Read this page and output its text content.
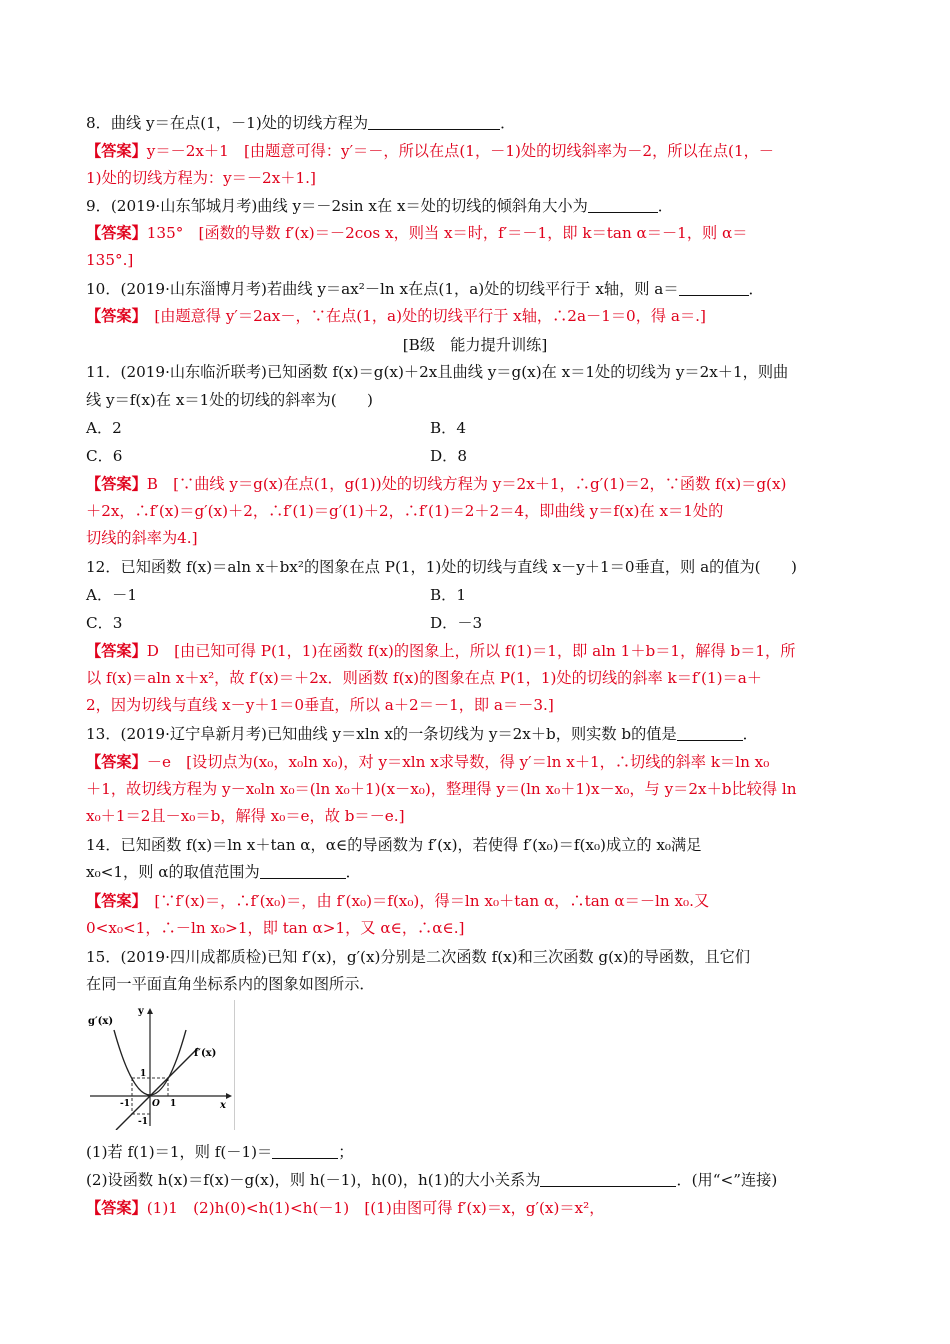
8．曲线 y＝在点(1，－1)处的切线方程为	．
【答案】y＝－2x＋1　[由题意可得：y′＝－，所以在点(1，－1)处的切线斜率为－2，所以在点(1，－
1)处的切线方程为：y＝－2x＋1.]
9．(2019·山东邹城月考)曲线 y＝－2sin x在 x＝处的切线的倾斜角大小为	．
【答案】135°　[函数的导数 f′(x)＝－2cos x，则当 x＝时，f′＝－1，即 k＝tan α＝－1，则 α＝
135°.]
10．(2019·山东淄博月考)若曲线 y＝ax²－ln x在点(1，a)处的切线平行于 x轴，则 a＝	．
【答案】　[由题意得 y′＝2ax－，∵在点(1，a)处的切线平行于 x轴，∴2a－1＝0，得 a＝.]
[B级　能力提升训练]
11．(2019·山东临沂联考)已知函数 f(x)＝g(x)＋2x且曲线 y＝g(x)在 x＝1处的切线为 y＝2x＋1，则曲
线 y＝f(x)在 x＝1处的切线的斜率为(　　)
A．2	B．4
C．6	D．8
【答案】B　[∵曲线 y＝g(x)在点(1，g(1))处的切线方程为 y＝2x＋1，∴g′(1)＝2，∵函数 f(x)＝g(x)
＋2x，∴f′(x)＝g′(x)＋2，∴f′(1)＝g′(1)＋2，∴f′(1)＝2＋2＝4，即曲线 y＝f(x)在 x＝1处的
切线的斜率为4.]
12．已知函数 f(x)＝aln x＋bx²的图象在点 P(1，1)处的切线与直线 x－y＋1＝0垂直，则 a的值为(　　)
A．－1	B．1
C．3	D．－3
【答案】D　[由已知可得 P(1，1)在函数 f(x)的图象上，所以 f(1)＝1，即 aln 1＋b＝1，解得 b＝1，所
以 f(x)＝aln x＋x²，故 f′(x)＝＋2x．则函数 f(x)的图象在点 P(1，1)处的切线的斜率 k＝f′(1)＝a＋
2，因为切线与直线 x－y＋1＝0垂直，所以 a＋2＝－1，即 a＝－3.]
13．(2019·辽宁阜新月考)已知曲线 y＝xln x的一条切线为 y＝2x＋b，则实数 b的值是	．
【答案】－e　[设切点为(x₀，x₀ln x₀)，对 y＝xln x求导数，得 y′＝ln x＋1，∴切线的斜率 k＝ln x₀
＋1，故切线方程为 y－x₀ln x₀＝(ln x₀＋1)(x－x₀)，整理得 y＝(ln x₀＋1)x－x₀，与 y＝2x＋b比较得 ln
x₀＋1＝2且－x₀＝b，解得 x₀＝e，故 b＝－e.]
14．已知函数 f(x)＝ln x＋tan α，α∈的导函数为 f′(x)，若使得 f′(x₀)＝f(x₀)成立的 x₀满足
x₀<1，则 α的取值范围为	．
【答案】　[∵f′(x)＝，∴f′(x₀)＝，由 f′(x₀)＝f(x₀)，得＝ln x₀＋tan α，∴tan α＝－ln x₀.又
0<x₀<1，∴－ln x₀>1，即 tan α>1，又 α∈，∴α∈.]
15．(2019·四川成都质检)已知 f′(x)，g′(x)分别是二次函数 f(x)和三次函数 g(x)的导函数，且它们
在同一平面直角坐标系内的图象如图所示．
g′(x)
y
f′(x)
1
-1 O 1	x
-1
(1)若 f(1)＝1，则 f(－1)＝	；
(2)设函数 h(x)＝f(x)－g(x)，则 h(－1)，h(0)，h(1)的大小关系为	．(用“<”连接)
【答案】(1)1　(2)h(0)<h(1)<h(－1)　[(1)由图可得 f′(x)＝x，g′(x)＝x²，
